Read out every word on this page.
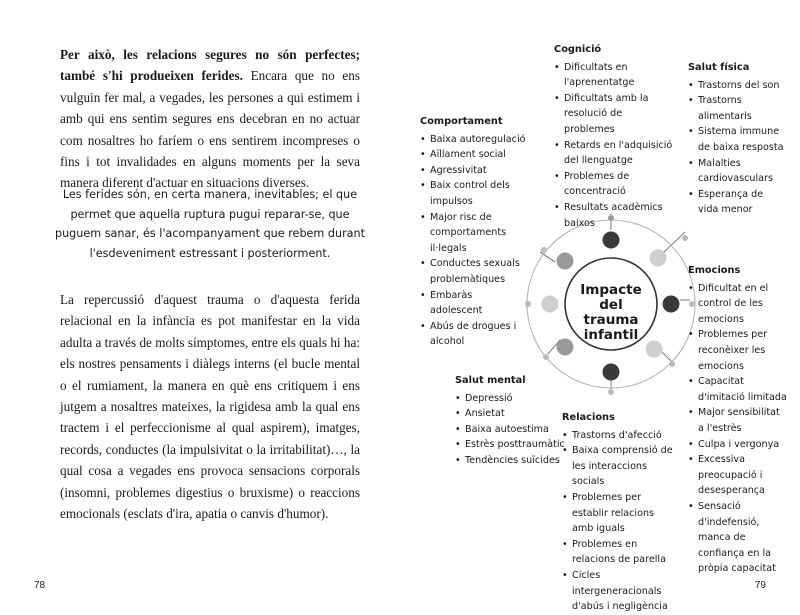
Per això, les relacions segures no són perfectes; també s'hi produeixen ferides. Encara que no ens vulguin fer mal, a vegades, les persones a qui estimem i amb qui ens sentim segures ens decebran en no actuar com nosaltres ho faríem o ens sentirem incompreses o fins i tot invalidades en alguns moments per la seva manera diferent d'actuar en situacions diverses.

Les ferides són, en certa manera, inevitables; el que permet que aquella ruptura pugui reparar-se, que puguem sanar, és l'acompanyament que rebem durant l'esdeveniment estressant i posteriorment.

La repercussió d'aquest trauma o d'aquesta ferida relacional en la infància es pot manifestar en la vida adulta a través de molts símptomes, entre els quals hi ha: els nostres pensaments i diàlegs interns (el bucle mental o el rumiament, la manera en què ens critiquem i ens jutgem a nosaltres mateixes, la rigidesa amb la qual ens tractem i el perfeccionisme al qual aspirem), imatges, records, conductes (la impulsivitat o la irritabilitat)…, la qual cosa a vegades ens provoca sensacions corporals (insomni, problemes digestius o bruxisme) o reaccions emocionals (esclats d'ira, apatia o canvis d'humor).

78
Impacte del trauma infantil
Cognició
• Dificultats en l'aprenentatge
• Dificultats amb la resolució de problemes
• Retards en l'adquisició del llenguatge
• Problemes de concentració
• Resultats acadèmics baixos
Salut física
• Trastorns del son
• Trastorns alimentaris
• Sistema immune de baixa resposta
• Malalties cardiovasculars
• Esperança de vida menor
Comportament
• Baixa autoregulació
• Aïllament social
• Agressivitat
• Baix control dels impulsos
• Major risc de comportaments il·legals
• Conductes sexuals problemàtiques
• Embaràs adolescent
• Abús de drogues i alcohol
Emocions
• Dificultat en el control de les emocions
• Problemes per reconèixer les emocions
• Capacitat d'imitació limitada
• Major sensibilitat a l'estrès
• Culpa i vergonya
• Excessiva preocupació i desesperança
• Sensació d'indefensió, manca de confiança en la pròpia capacitat
Salut mental
• Depressió
• Ansietat
• Baixa autoestima
• Estrès posttraumàtic
• Tendències suïcides
Relacions
• Trastorns d'afecció
• Baixa comprensió de les interaccions socials
• Problemes per establir relacions amb iguals
• Problemes en relacions de parella
• Cicles intergeneracionals d'abús i negligència
79
